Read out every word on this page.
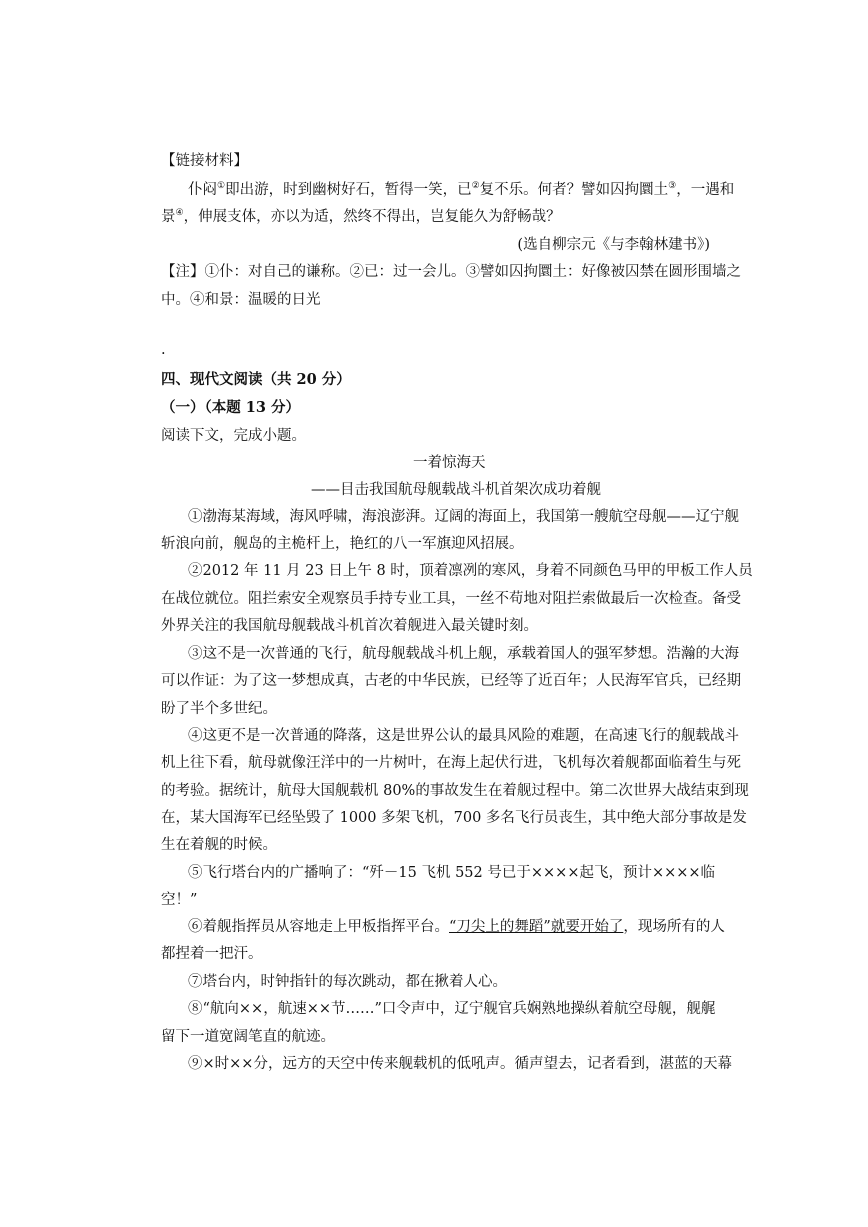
【链接材料】
仆闷①即出游，时到幽树好石，暂得一笑，已②复不乐。何者？譬如囚拘圜土③，一遇和
景④，伸展支体，亦以为适，然终不得出，岂复能久为舒畅哉？
(选自柳宗元《与李翰林建书》)
【注】①仆：对自己的谦称。②已：过一会儿。③譬如囚拘圜土：好像被囚禁在圆形围墙之
中。④和景：温暖的日光
.
四、现代文阅读（共 20 分）
（一）（本题 13 分）
阅读下文，完成小题。
一着惊海天
——目击我国航母舰载战斗机首架次成功着舰
①渤海某海域，海风呼啸，海浪澎湃。辽阔的海面上，我国第一艘航空母舰——辽宁舰
斩浪向前，舰岛的主桅杆上，艳红的八一军旗迎风招展。
②2012 年 11 月 23 日上午 8 时，顶着凛冽的寒风，身着不同颜色马甲的甲板工作人员
在战位就位。阻拦索安全观察员手持专业工具，一丝不苟地对阻拦索做最后一次检查。备受
外界关注的我国航母舰载战斗机首次着舰进入最关键时刻。
③这不是一次普通的飞行，航母舰载战斗机上舰，承载着国人的强军梦想。浩瀚的大海
可以作证：为了这一梦想成真，古老的中华民族，已经等了近百年；人民海军官兵，已经期
盼了半个多世纪。
④这更不是一次普通的降落，这是世界公认的最具风险的难题，在高速飞行的舰载战斗
机上往下看，航母就像汪洋中的一片树叶，在海上起伏行进，飞机每次着舰都面临着生与死
的考验。据统计，航母大国舰载机 80%的事故发生在着舰过程中。第二次世界大战结束到现
在，某大国海军已经坠毁了 1000 多架飞机，700 多名飞行员丧生，其中绝大部分事故是发
生在着舰的时候。
⑤飞行塔台内的广播响了：“歼－15 飞机 552 号已于××××起飞，预计××××临
空！”
⑥着舰指挥员从容地走上甲板指挥平台。“刀尖上的舞蹈”就要开始了，现场所有的人
都捏着一把汗。
⑦塔台内，时钟指针的每次跳动，都在揪着人心。
⑧“航向××，航速××节……”口令声中，辽宁舰官兵娴熟地操纵着航空母舰，舰艉
留下一道宽阔笔直的航迹。
⑨×时××分，远方的天空中传来舰载机的低吼声。循声望去，记者看到，湛蓝的天幕
